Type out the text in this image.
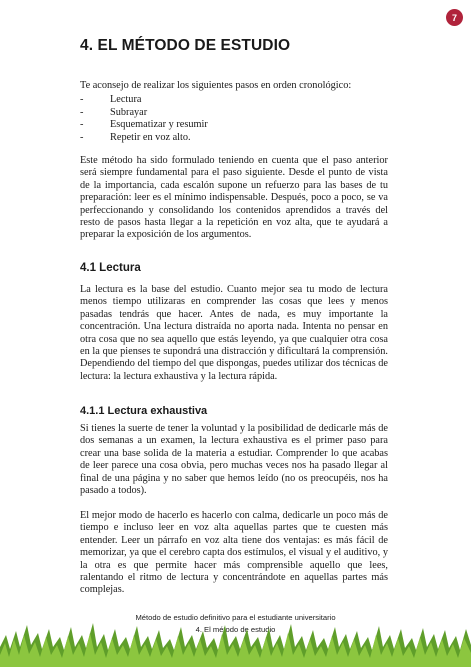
7
4. EL MÉTODO DE ESTUDIO

Te aconsejo de realizar los siguientes pasos en orden cronológico:

-	Lectura
-	Subrayar
-	Esquematizar y resumir
-	Repetir en voz alto.

Este método ha sido formulado teniendo en cuenta que el paso anterior será siempre fundamental para el paso siguiente. Desde el punto de vista de la importancia, cada escalón supone un refuerzo para las bases de tu preparación: leer es el mínimo indispensable. Después, poco a poco, se va perfeccionando y consolidando los contenidos aprendidos a través del resto de pasos hasta llegar a la repetición en voz alta, que te ayudará a preparar la exposición de los argumentos.

4.1 Lectura

La lectura es la base del estudio. Cuanto mejor sea tu modo de lectura menos tiempo utilizaras en comprender las cosas que lees y menos pasadas tendrás que hacer. Antes de nada, es muy importante la concentración. Una lectura distraída no aporta nada. Intenta no pensar en otra cosa que no sea aquello que estás leyendo, ya que cualquier otra cosa en la que pienses te supondrá una distracción y dificultará la comprensión. Dependiendo del tiempo del que dispongas, puedes utilizar dos técnicas de lectura: la lectura exhaustiva y la lectura rápida.

4.1.1 Lectura exhaustiva

Si tienes la suerte de tener la voluntad y la posibilidad de dedicarle más de dos semanas a un examen, la lectura exhaustiva es el primer paso para crear una base solida de la materia a estudiar. Comprender lo que acabas de leer parece una cosa obvia, pero muchas veces nos ha pasado llegar al final de una página y no saber que hemos leído (no os preocupéis, nos ha pasado a todos).

El mejor modo de hacerlo es hacerlo con calma, dedicarle un poco más de tiempo e incluso leer en voz alta aquellas partes que te cuesten más entender. Leer un párrafo en voz alta tiene dos ventajas: es más fácil de memorizar, ya que el cerebro capta dos estímulos, el visual y el auditivo, y la otra es que permite hacer más comprensible aquello que lees, ralentando el ritmo de lectura y concentrándote en aquellas partes más complejas.

Método de estudio definitivo para el estudiante universitario
4. El método de estudio
